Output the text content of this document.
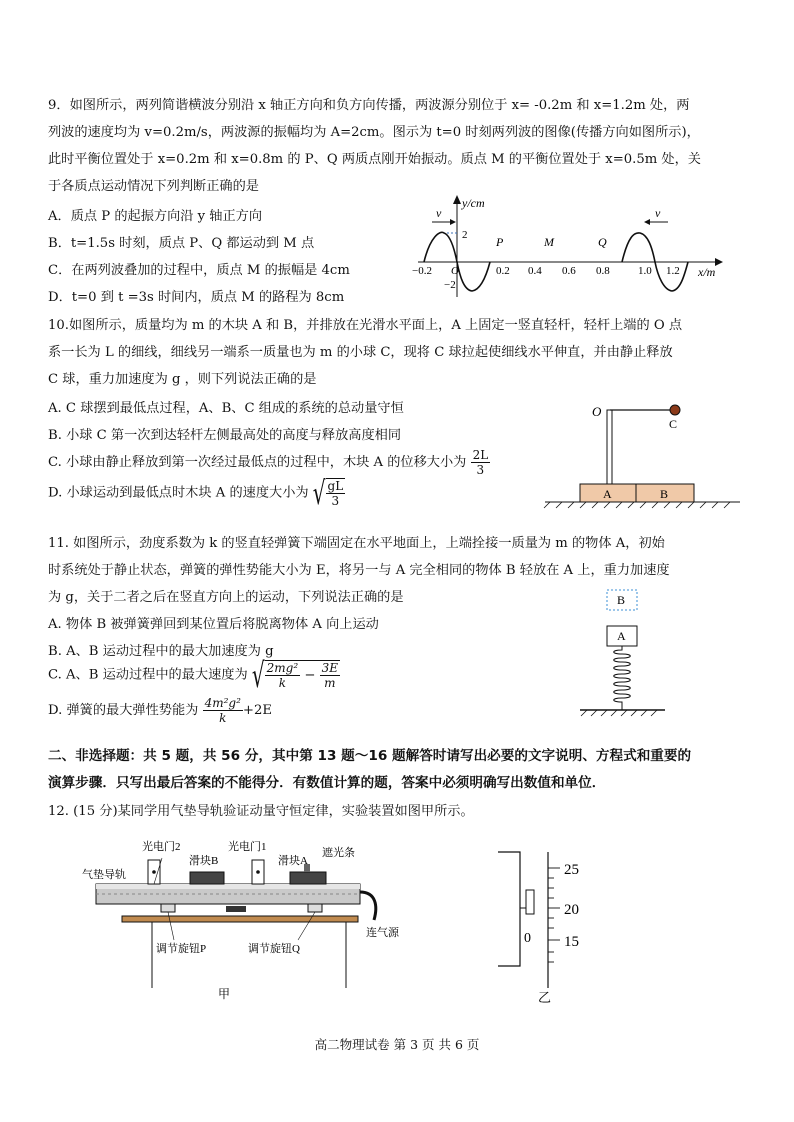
9．如图所示，两列简谐横波分别沿 x 轴正方向和负方向传播，两波源分别位于 x= -0.2m 和 x=1.2m 处，两
列波的速度均为 v=0.2m/s，两波源的振幅均为 A=2cm。图示为 t=0 时刻两列波的图像(传播方向如图所示)，
此时平衡位置处于 x=0.2m 和 x=0.8m 的 P、Q 两质点刚开始振动。质点 M 的平衡位置处于 x=0.5m 处，关
于各质点运动情况下列判断正确的是
A．质点 P 的起振方向沿 y 轴正方向
B．t=1.5s 时刻，质点 P、Q 都运动到 M 点
C．在两列波叠加的过程中，质点 M 的振幅是 4cm
D．t=0 到 t =3s 时间内，质点 M 的路程为 8cm
v	v
y/cm
x/m
2
−2
O
−0.2	0.2 0.4 0.6 0.8	1.0 1.2
P	M	Q
10.如图所示，质量均为 m 的木块 A 和 B，并排放在光滑水平面上，A 上固定一竖直轻杆，轻杆上端的 O 点
系一长为 L 的细线，细线另一端系一质量也为 m 的小球 C，现将 C 球拉起使细线水平伸直，并由静止释放
C 球，重力加速度为 g ，则下列说法正确的是
A. C 球摆到最低点过程，A、B、C 组成的系统的总动量守恒
B. 小球 C 第一次到达轻杆左侧最高处的高度与释放高度相同
C. 小球由静止释放到第一次经过最低点的过程中，木块 A 的位移大小为 $\frac{2L}{3}$
D. 小球运动到最低点时木块 A 的速度大小为 √ $\frac{gL}{3}$	A	B
O
C
11. 如图所示，劲度系数为 k 的竖直轻弹簧下端固定在水平地面上，上端拴接一质量为 m 的物体 A，初始
时系统处于静止状态，弹簧的弹性势能大小为 E，将另一与 A 完全相同的物体 B 轻放在 A 上，重力加速度
为 g，关于二者之后在竖直方向上的运动，下列说法正确的是
A. 物体 B 被弹簧弹回到某位置后将脱离物体 A 向上运动
B. A、B 运动过程中的最大加速度为 g
C. A、B 运动过程中的最大速度为 √ $\frac{\text{2mg²}}{k} - \frac{3E}{m}$
D. 弹簧的最大弹性势能为 $\frac{\text{4m²g²}}{k} +2E$
B
A
二、非选择题：共 5 题，共 56 分，其中第 13 题～16 题解答时请写出必要的文字说明、方程式和重要的
演算步骤．只写出最后答案的不能得分．有数值计算的题，答案中必须明确写出数值和单位．
12. (15 分)某同学用气垫导轨验证动量守恒定律，实验装置如图甲所示。
光电门2
滑块B
光电门1
滑块A
遮光条
气垫导轨
调节旋钮P	调节旋钮Q
连气源
甲
0
25
20
15
乙
高二物理试卷 第 3 页 共 6 页
